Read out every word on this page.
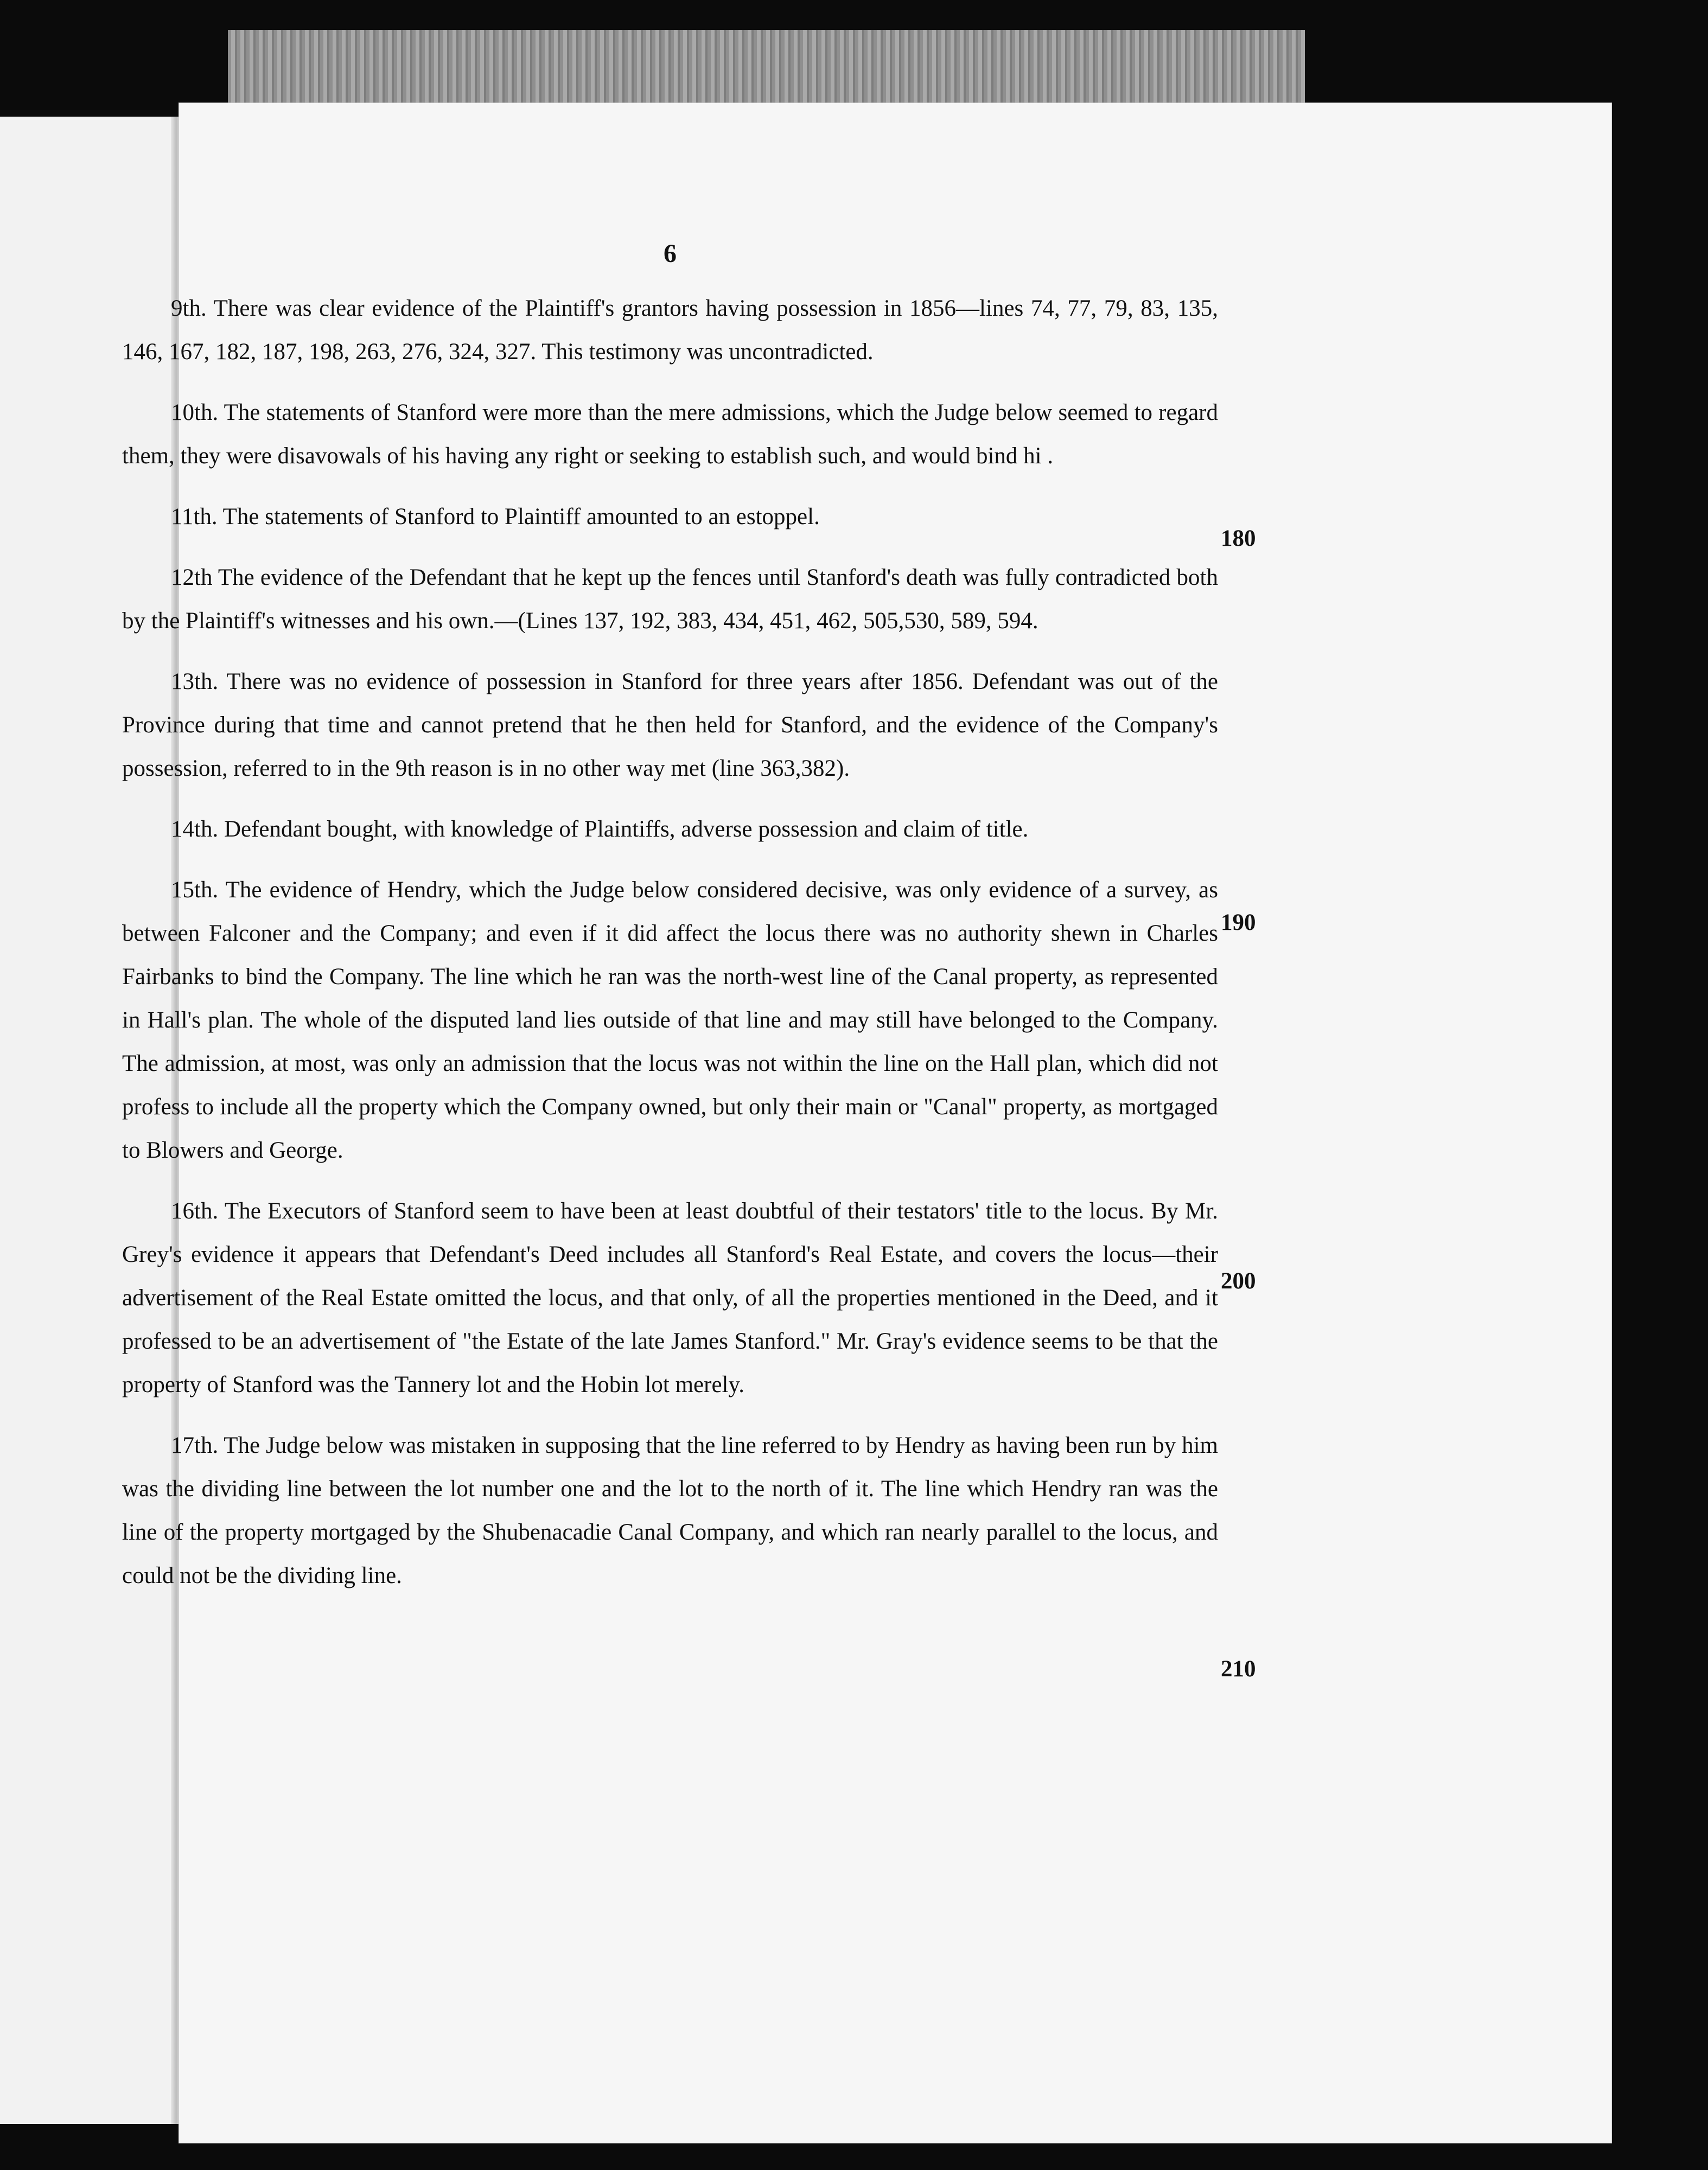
6

9th. There was clear evidence of the Plaintiff's grantors having possession in 1856—lines 74, 77, 79, 83, 135, 146, 167, 182, 187, 198, 263, 276, 324, 327. This testimony was uncontradicted.

10th. The statements of Stanford were more than the mere admissions, which the Judge below seemed to regard them, they were disavowals of his having any right or seeking to establish such, and would bind hi .

11th. The statements of Stanford to Plaintiff amounted to an estoppel.

12th The evidence of the Defendant that he kept up the fences until Stanford's death was fully contradicted both by the Plaintiff's witnesses and his own.—(Lines 137, 192, 383, 434, 451, 462, 505,530, 589, 594.

13th. There was no evidence of possession in Stanford for three years after 1856. Defendant was out of the Province during that time and cannot pretend that he then held for Stanford, and the evidence of the Company's possession, referred to in the 9th reason is in no other way met (line 363,382).

14th. Defendant bought, with knowledge of Plaintiffs, adverse possession and claim of title.

15th. The evidence of Hendry, which the Judge below considered decisive, was only evidence of a survey, as between Falconer and the Company; and even if it did affect the locus there was no authority shewn in Charles Fairbanks to bind the Company. The line which he ran was the north-west line of the Canal property, as represented in Hall's plan. The whole of the disputed land lies outside of that line and may still have belonged to the Company. The admission, at most, was only an admission that the locus was not within the line on the Hall plan, which did not profess to include all the property which the Company owned, but only their main or "Canal" property, as mortgaged to Blowers and George.

16th. The Executors of Stanford seem to have been at least doubtful of their testators' title to the locus. By Mr. Grey's evidence it appears that Defendant's Deed includes all Stanford's Real Estate, and covers the locus—their advertisement of the Real Estate omitted the locus, and that only, of all the properties mentioned in the Deed, and it professed to be an advertisement of "the Estate of the late James Stanford." Mr. Gray's evidence seems to be that the property of Stanford was the Tannery lot and the Hobin lot merely.

17th. The Judge below was mistaken in supposing that the line referred to by Hendry as having been run by him was the dividing line between the lot number one and the lot to the north of it. The line which Hendry ran was the line of the property mortgaged by the Shubenacadie Canal Company, and which ran nearly parallel to the locus, and could not be the dividing line.

180
190
200
210
